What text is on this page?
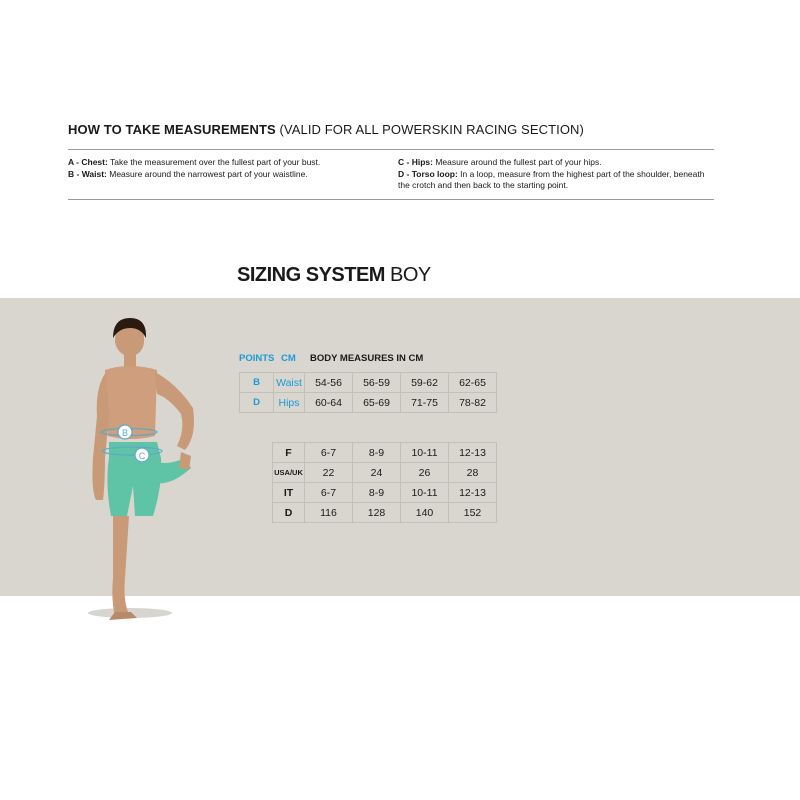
HOW TO TAKE MEASUREMENTS (VALID FOR ALL POWERSKIN RACING SECTION)
A - Chest: Take the measurement over the fullest part of your bust.
B - Waist: Measure around the narrowest part of your waistline.
C - Hips: Measure around the fullest part of your hips.
D - Torso loop: In a loop, measure from the highest part of the shoulder, beneath the crotch and then back to the starting point.
SIZING SYSTEM BOY
B
C
POINTS CM BODY MEASURES IN CM
B	Waist	54-56	56-59	59-62	62-65
D	Hips	60-64	65-69	71-75	78-82
F	6-7	8-9	10-11	12-13
USA/UK	22	24	26	28
IT	6-7	8-9	10-11	12-13
D	116	128	140	152
